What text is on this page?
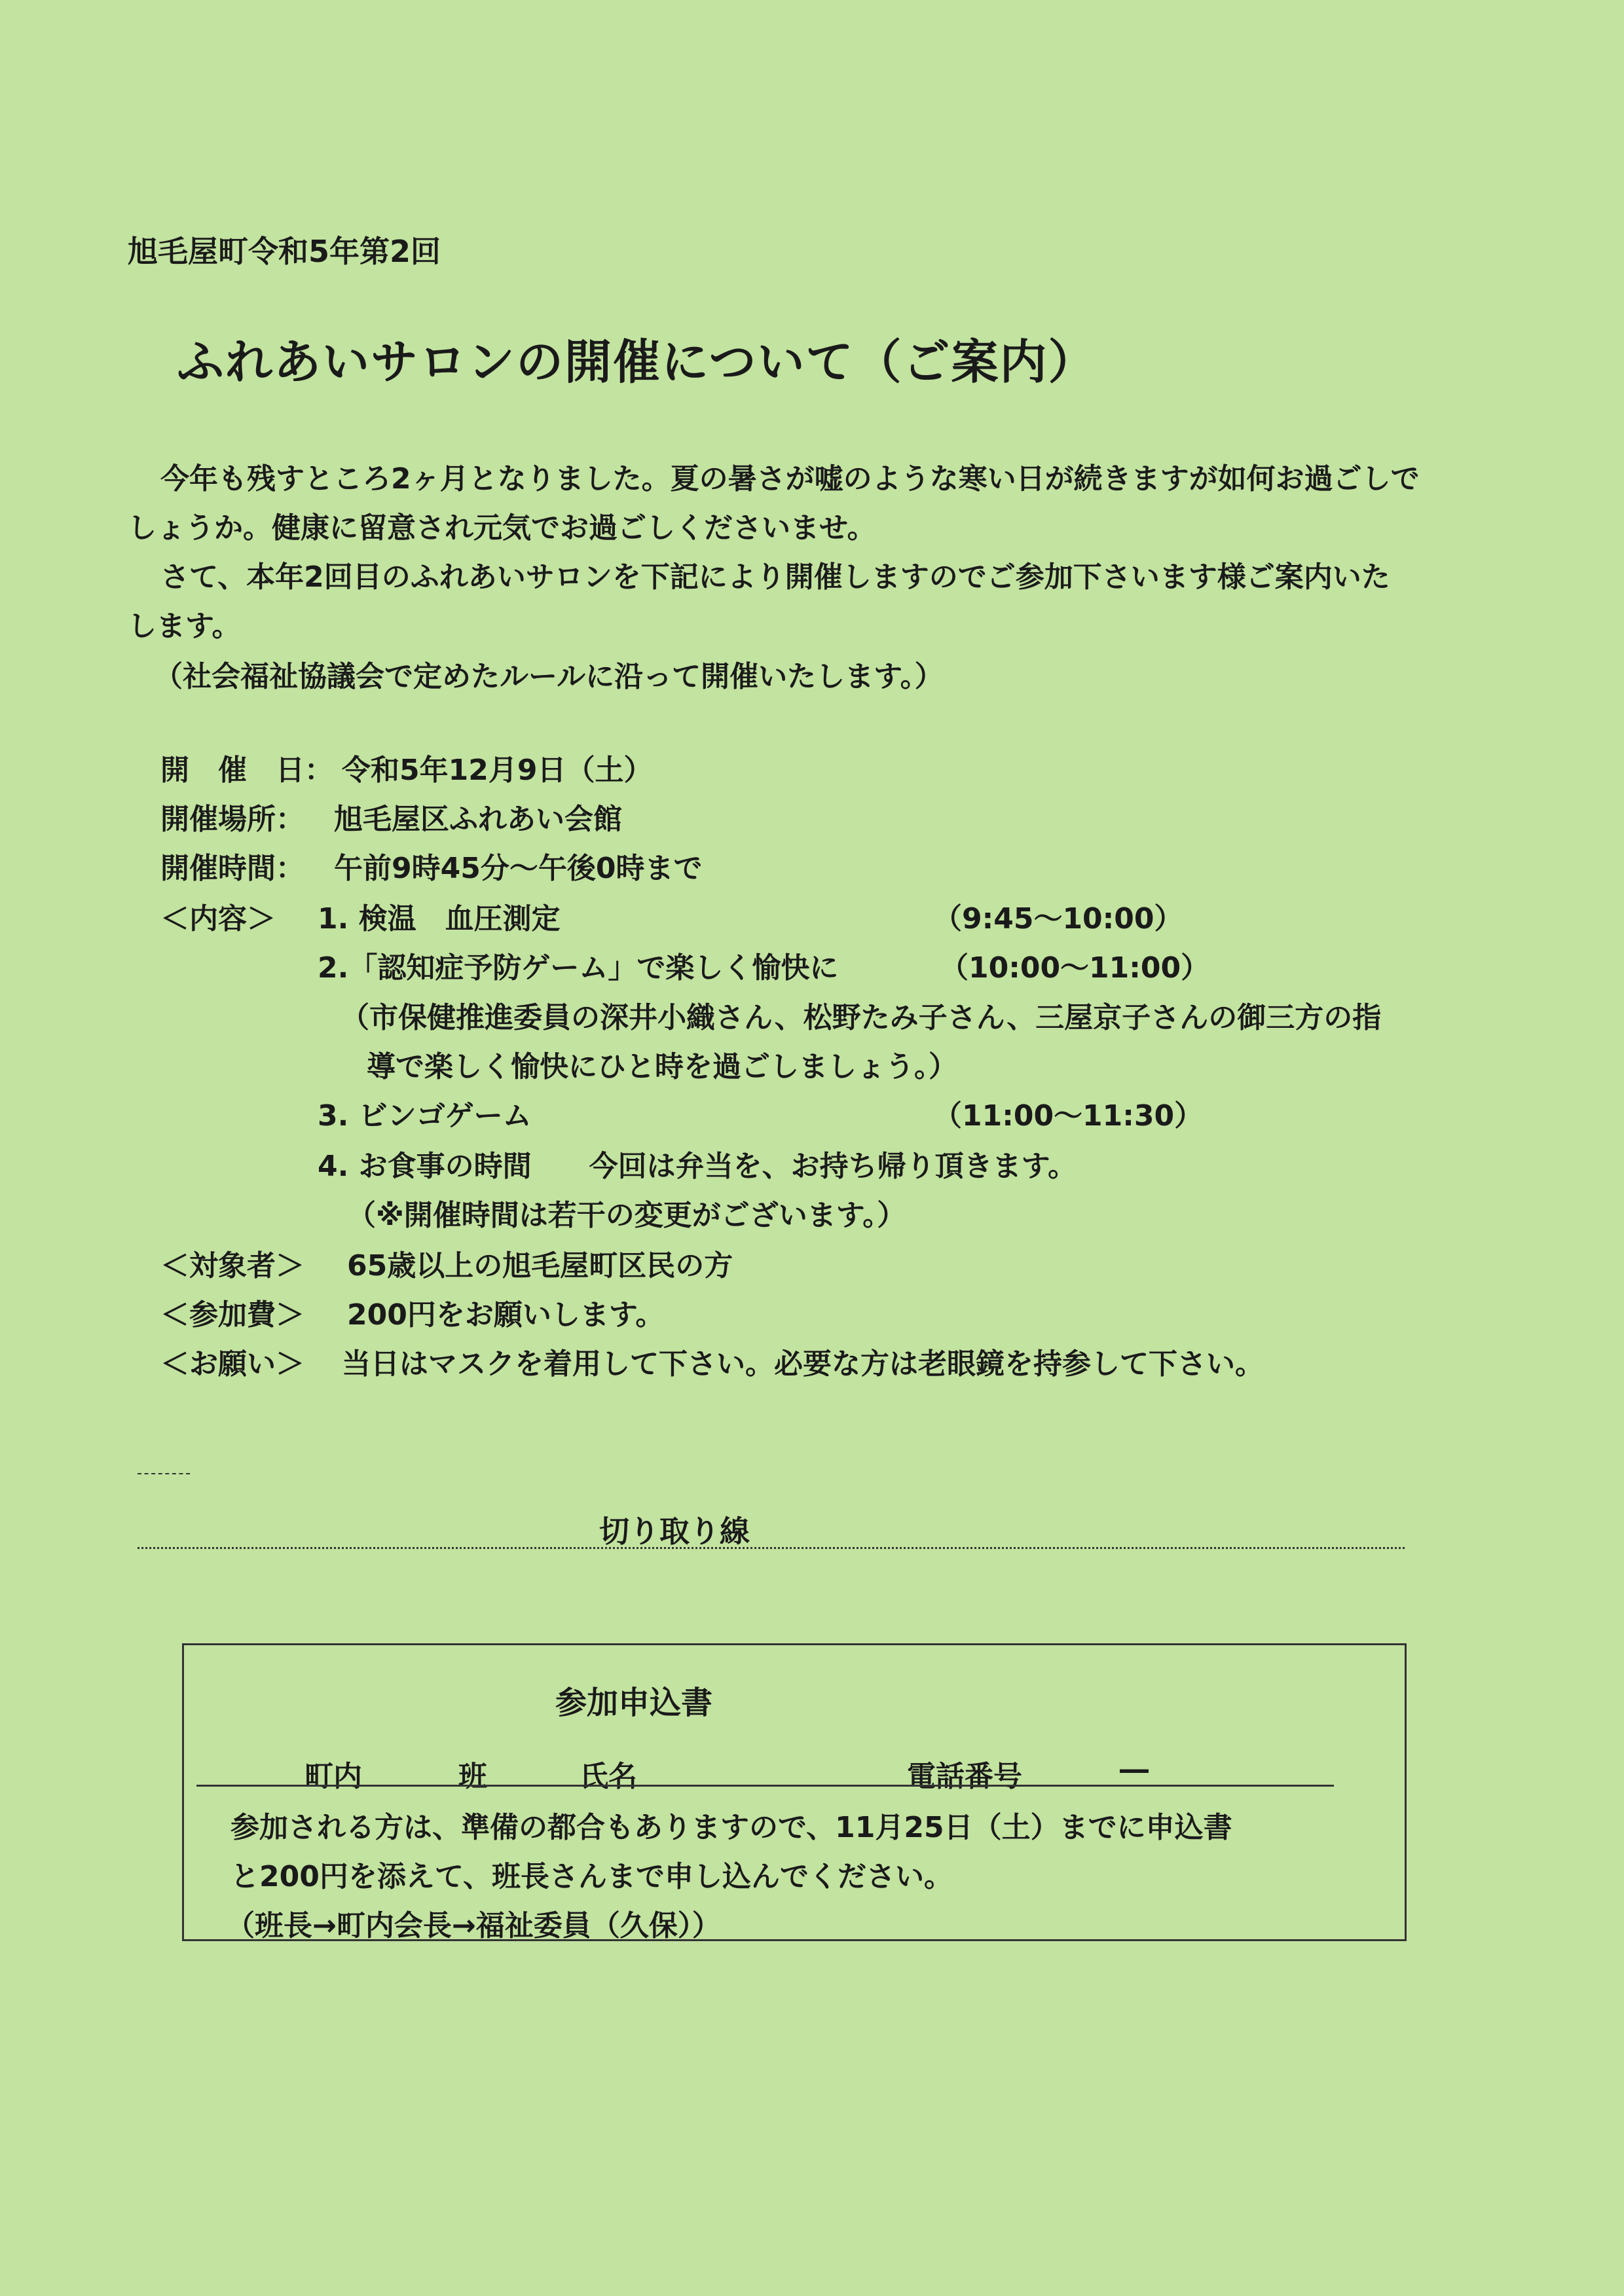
旭毛屋町令和5年第2回
ふれあいサロンの開催について（ご案内）
今年も残すところ2ヶ月となりました。夏の暑さが嘘のような寒い日が続きますが如何お過ごしで
しょうか。健康に留意され元気でお過ごしくださいませ。
さて、本年2回目のふれあいサロンを下記により開催しますのでご参加下さいます様ご案内いた
します。
（社会福祉協議会で定めたルールに沿って開催いたします。）
開　催　日： 令和5年12月9日（土）
開催場所： 旭毛屋区ふれあい会館
開催時間： 午前9時45分～午後0時まで
＜内容＞ 1. 検温　血圧測定	（9:45～10:00）
2.「認知症予防ゲーム」で楽しく愉快に	（10:00～11:00）
（市保健推進委員の深井小織さん、松野たみ子さん、三屋京子さんの御三方の指
導で楽しく愉快にひと時を過ごしましょう。）
3. ビンゴゲーム	（11:00～11:30）
4. お食事の時間　　今回は弁当を、お持ち帰り頂きます。
（※開催時間は若干の変更がございます。）
＜対象者＞ 65歳以上の旭毛屋町区民の方
＜参加費＞ 200円をお願いします。
＜お願い＞ 当日はマスクを着用して下さい。必要な方は老眼鏡を持参して下さい。
切り取り線
参加申込書
町内	班	氏名	電話番号	―
参加される方は、準備の都合もありますので、11月25日（土）までに申込書
と200円を添えて、班長さんまで申し込んでください。
（班長→町内会長→福祉委員（久保））
